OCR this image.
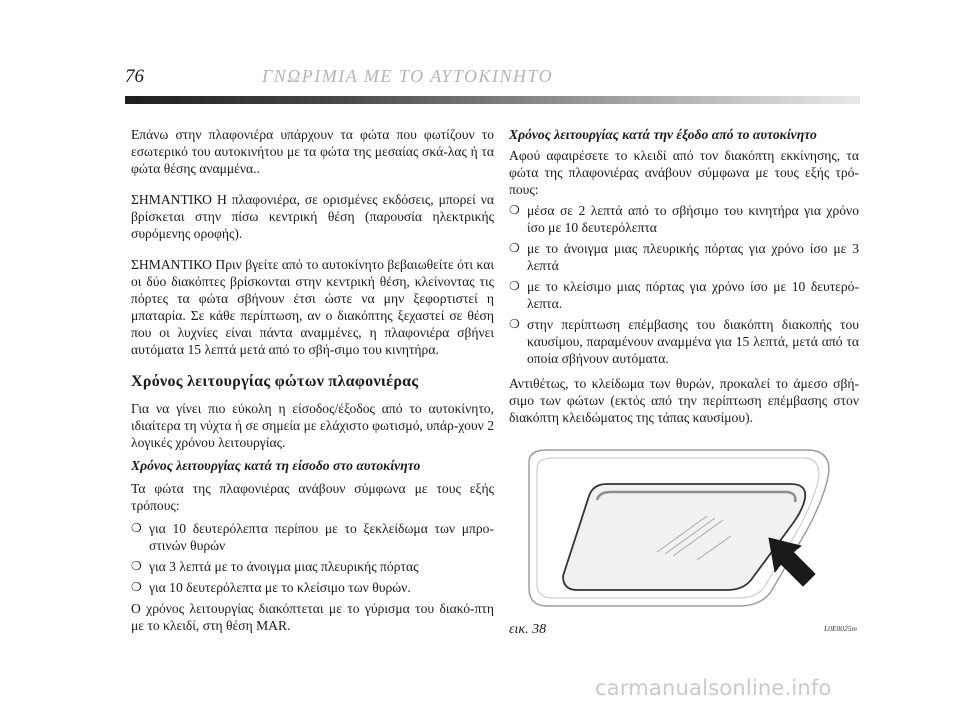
76	ΓΝΩΡΙΜΙΑ ΜΕ ΤΟ ΑΥΤΟΚΙΝΗΤΟ

Επάνω στην πλαφονιέρα υπάρχουν τα φώτα που φωτίζουν το εσωτερικό του αυτοκινήτου με τα φώτα της μεσαίας σκά-λας ή τα φώτα θέσης αναμμένα..

ΣΗΜΑΝΤΙΚΟ Η πλαφονιέρα, σε ορισμένες εκδόσεις, μπορεί να βρίσκεται στην πίσω κεντρική θέση (παρουσία ηλεκτρικής συρόμενης οροφής).

ΣΗΜΑΝΤΙΚΟ Πριν βγείτε από το αυτοκίνητο βεβαιωθείτε ότι και οι δύο διακόπτες βρίσκονται στην κεντρική θέση, κλείνοντας τις πόρτες τα φώτα σβήνουν έτσι ώστε να μην ξεφορτιστεί η μπαταρία. Σε κάθε περίπτωση, αν ο διακόπτης ξεχαστεί σε θέση που οι λυχνίες είναι πάντα αναμμένες, η πλαφονιέρα σβήνει αυτόματα 15 λεπτά μετά από το σβή-σιμο του κινητήρα.

Χρόνος λειτουργίας φώτων πλαφονιέρας

Για να γίνει πιο εύκολη η είσοδος/έξοδος από το αυτοκίνητο, ιδιαίτερα τη νύχτα ή σε σημεία με ελάχιστο φωτισμό, υπάρ-χουν 2 λογικές χρόνου λειτουργίας.

Χρόνος λειτουργίας κατά τη είσοδο στο αυτοκίνητο

Τα φώτα της πλαφονιέρας ανάβουν σύμφωνα με τους εξής τρόπους:

❍ για 10 δευτερόλεπτα περίπου με το ξεκλείδωμα των μπρο-στινών θυρών
❍ για 3 λεπτά με το άνοιγμα μιας πλευρικής πόρτας
❍ για 10 δευτερόλεπτα με το κλείσιμο των θυρών.

Ο χρόνος λειτουργίας διακόπτεται με το γύρισμα του διακό-πτη με το κλειδί, στη θέση MAR.

Χρόνος λειτουργίας κατά την έξοδο από το αυτοκίνητο

Αφού αφαιρέσετε το κλειδί από τον διακόπτη εκκίνησης, τα φώτα της πλαφονιέρας ανάβουν σύμφωνα με τους εξής τρό-πους:

❍ μέσα σε 2 λεπτά από το σβήσιμο του κινητήρα για χρόνο ίσο με 10 δευτερόλεπτα
❍ με το άνοιγμα μιας πλευρικής πόρτας για χρόνο ίσο με 3 λεπτά
❍ με το κλείσιμο μιας πόρτας για χρόνο ίσο με 10 δευτερό-λεπτα.
❍ στην περίπτωση επέμβασης του διακόπτη διακοπής του καυσίμου, παραμένουν αναμμένα για 15 λεπτά, μετά από τα οποία σβήνουν αυτόματα.

Αντιθέτως, το κλείδωμα των θυρών, προκαλεί το άμεσο σβή-σιμο των φώτων (εκτός από την περίπτωση επέμβασης στον διακόπτη κλειδώματος της τάπας καυσίμου).

εικ. 38	L0E0025m
carmanualsonline.info
